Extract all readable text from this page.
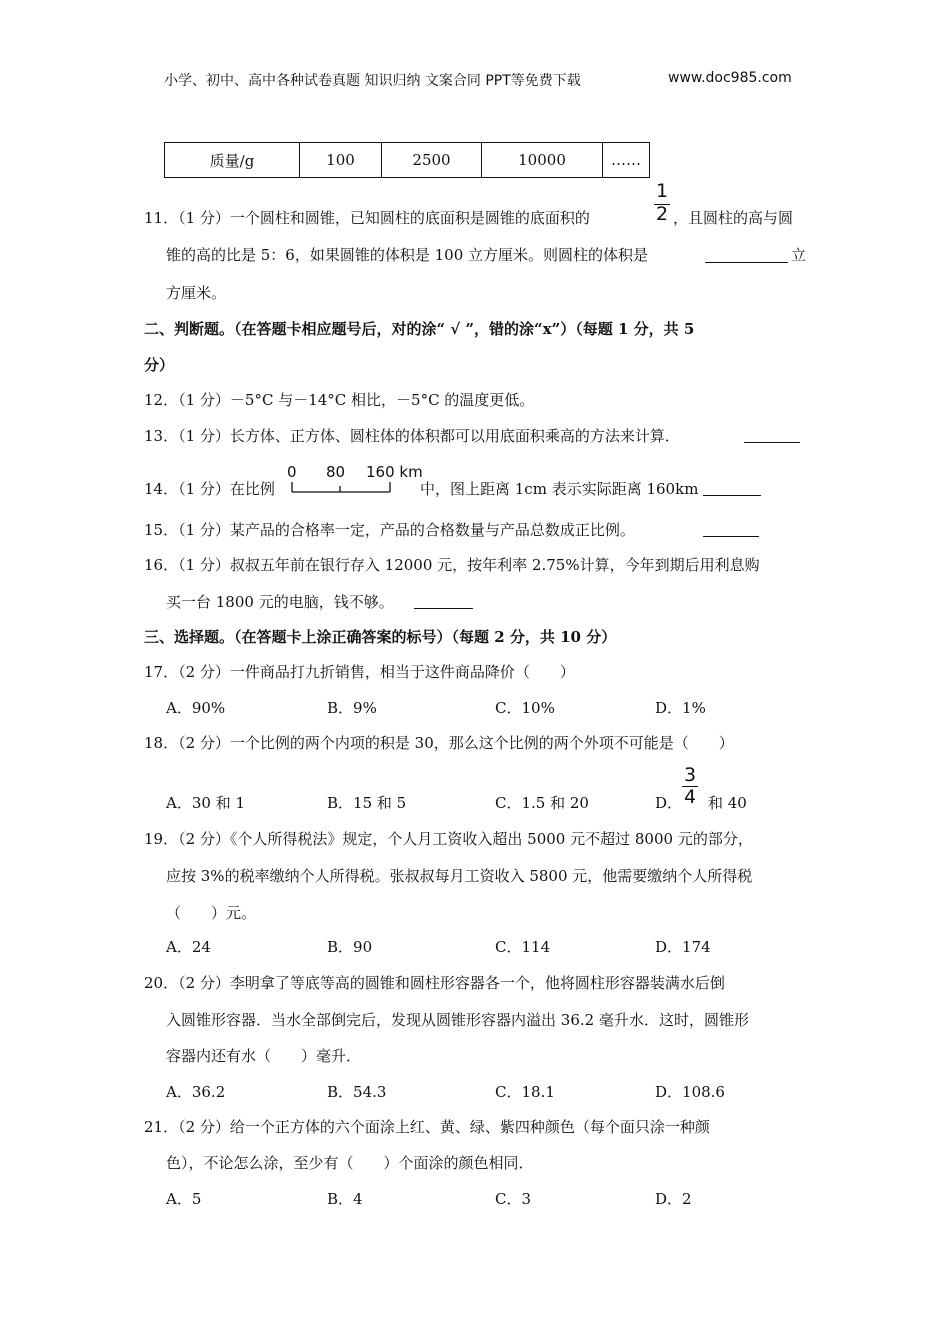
小学、初中、高中各种试卷真题 知识归纳 文案合同 PPT等免费下载	www.doc985.com
质量/g	100	2500	10000	……
11．（1 分）一个圆柱和圆锥，已知圆柱的底面积是圆锥的底面积的
1
2 ，且圆柱的高与圆
锥的高的比是 5：6，如果圆锥的体积是 100 立方厘米。则圆柱的体积是	立
方厘米。
二、判断题。（在答题卡相应题号后，对的涂“ √ ”，错的涂“x”）（每题 1 分，共 5
分）
12．（1 分）－5°C 与－14°C 相比，－5°C 的温度更低。
13．（1 分）长方体、正方体、圆柱体的体积都可以用底面积乘高的方法来计算．
14．（1 分）在比例
0 80 160 km
中，图上距离 1cm 表示实际距离 160km
15．（1 分）某产品的合格率一定，产品的合格数量与产品总数成正比例。
16．（1 分）叔叔五年前在银行存入 12000 元，按年利率 2.75%计算，今年到期后用利息购
买一台 1800 元的电脑，钱不够。
三、选择题。（在答题卡上涂正确答案的标号）（每题 2 分，共 10 分）
17．（2 分）一件商品打九折销售，相当于这件商品降价（　　）
A．90%	B．9%	C．10%	D．1%
18．（2 分）一个比例的两个内项的积是 30，那么这个比例的两个外项不可能是（　　）
A．30 和 1	B．15 和 5	C．1.5 和 20	D．
3
4 和 40
19．（2 分）《个人所得税法》规定，个人月工资收入超出 5000 元不超过 8000 元的部分，
应按 3%的税率缴纳个人所得税。张叔叔每月工资收入 5800 元，他需要缴纳个人所得税
（　　）元。
A．24	B．90	C．114	D．174
20．（2 分）李明拿了等底等高的圆锥和圆柱形容器各一个，他将圆柱形容器装满水后倒
入圆锥形容器．当水全部倒完后，发现从圆锥形容器内溢出 36.2 毫升水．这时，圆锥形
容器内还有水（　　）毫升．
A．36.2	B．54.3	C．18.1	D．108.6
21．（2 分）给一个正方体的六个面涂上红、黄、绿、紫四种颜色（每个面只涂一种颜
色），不论怎么涂，至少有（　　）个面涂的颜色相同．
A．5	B．4	C．3	D．2
